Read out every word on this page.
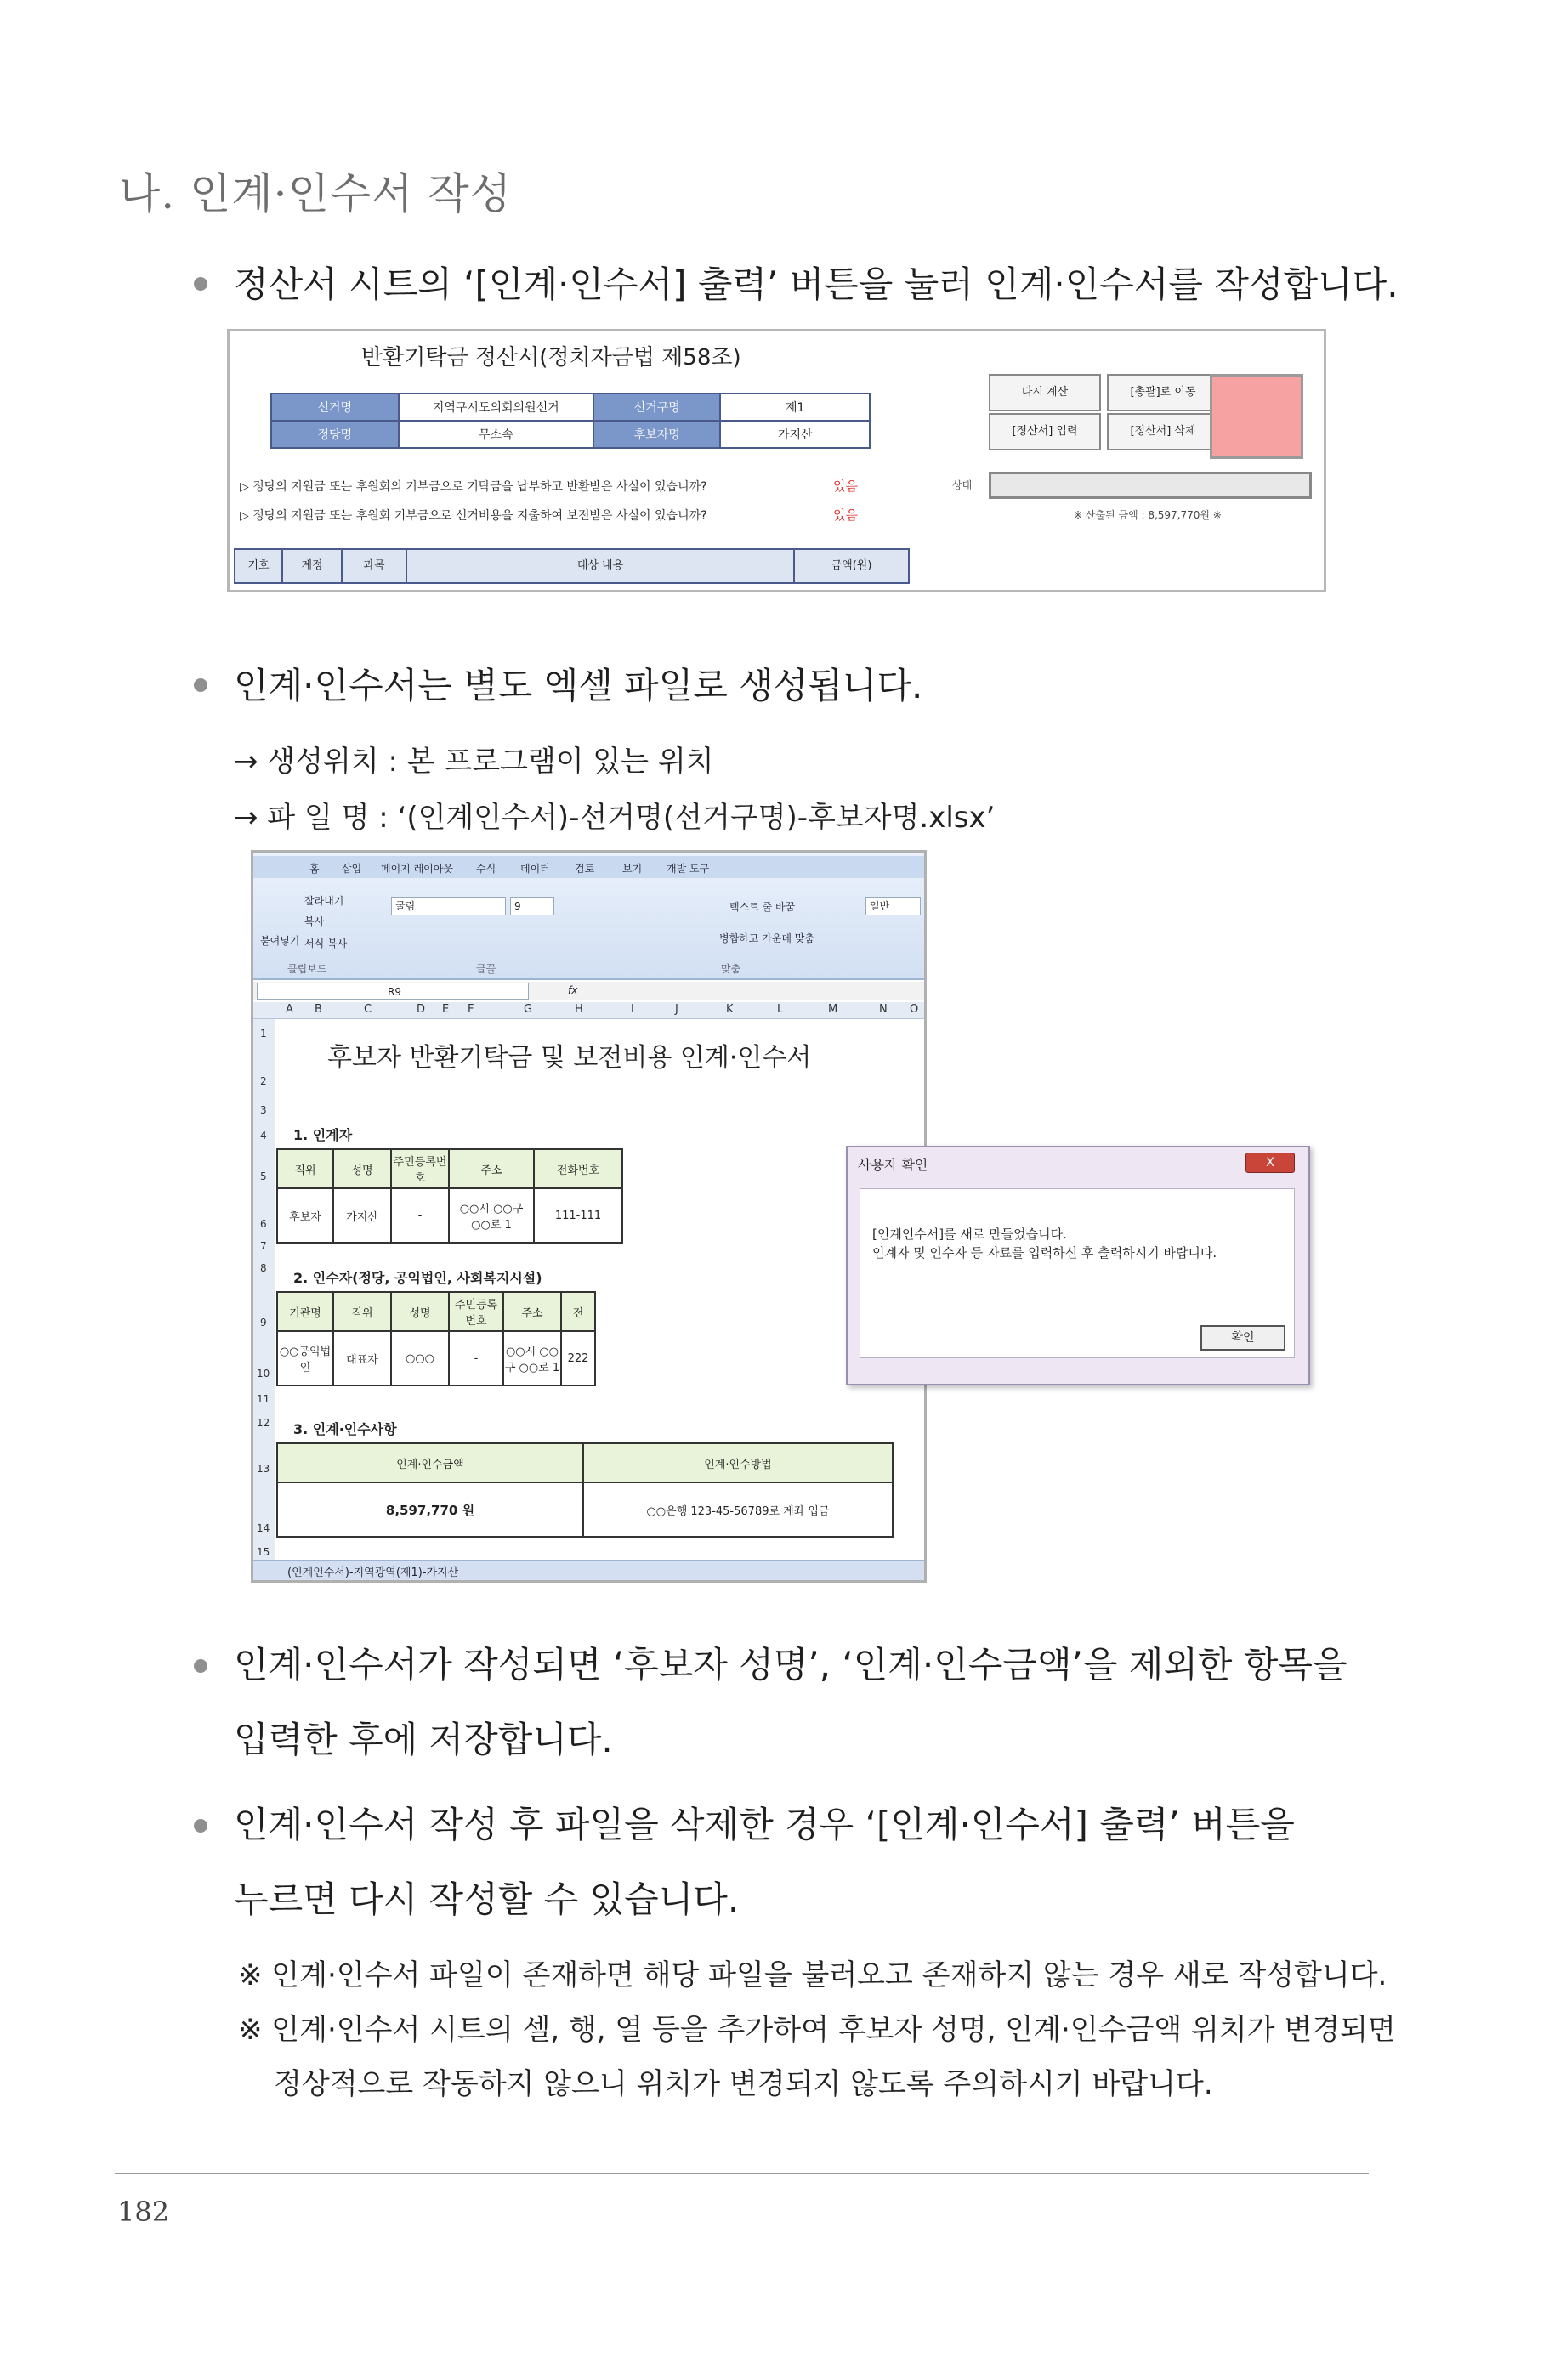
나. 인계·인수서 작성
정산서 시트의 ‘[인계·인수서] 출력’ 버튼을 눌러 인계·인수서를 작성합니다.
반환기탁금 정산서(정치자금법 제58조)
선거명	지역구시도의회의원선거	선거구명	제1
정당명	무소속	후보자명	가지산
다시 계산	[총괄]로 이동
[정산서] 입력	[정산서] 삭제
▷ 정당의 지원금 또는 후원회의 기부금으로 기탁금을 납부하고 반환받은 사실이 있습니까?	있음
▷ 정당의 지원금 또는 후원회 기부금으로 선거비용을 지출하여 보전받은 사실이 있습니까?	있음
상태
※ 산출된 금액 : 8,597,770원 ※
기호	계정	과목	대상 내용	금액(원)
인계·인수서는 별도 엑셀 파일로 생성됩니다.
→ 생성위치 : 본 프로그램이 있는 위치
→ 파 일 명 : ‘(인계인수서)-선거명(선거구명)-후보자명.xlsx’
홈 삽입 페이지 레이아웃 수식 데이터 검토	보기 개발 도구
붙여넣기
잘라내기
복사
서식 복사
굴림	9	텍스트 줄 바꿈
병합하고 가운데 맞춤
일반
클립보드	글꼴	맞춤
R9	fx
A B	C	D E F	G	H	I	J	K	L	M	N O
1
2
3
4
5
6
7
8
9
10
11
12
13
14
15
후보자 반환기탁금 및 보전비용 인계·인수서
1. 인계자
직위	성명	주민등록번호	주소	전화번호
후보자	가지산	-	○○시 ○○구 ○○로 1	111-111
2. 인수자(정당, 공익법인, 사회복지시설)
기관명	직위	성명	주민등록번호	주소	전
○○공익법인	대표자	○○○	-	○○시 ○○구 ○○로 1	222
3. 인계·인수사항
인계·인수금액	인계·인수방법
8,597,770 원	○○은행 123-45-56789로 계좌 입금
(인계인수서)-지역광역(제1)-가지산
사용자 확인	X
[인계인수서]를 새로 만들었습니다.
인계자 및 인수자 등 자료를 입력하신 후 출력하시기 바랍니다.
확인
인계·인수서가 작성되면 ‘후보자 성명’, ‘인계·인수금액’을 제외한 항목을
입력한 후에 저장합니다.
인계·인수서 작성 후 파일을 삭제한 경우 ‘[인계·인수서] 출력’ 버튼을
누르면 다시 작성할 수 있습니다.
※ 인계·인수서 파일이 존재하면 해당 파일을 불러오고 존재하지 않는 경우 새로 작성합니다.
※ 인계·인수서 시트의 셀, 행, 열 등을 추가하여 후보자 성명, 인계·인수금액 위치가 변경되면
정상적으로 작동하지 않으니 위치가 변경되지 않도록 주의하시기 바랍니다.
182
